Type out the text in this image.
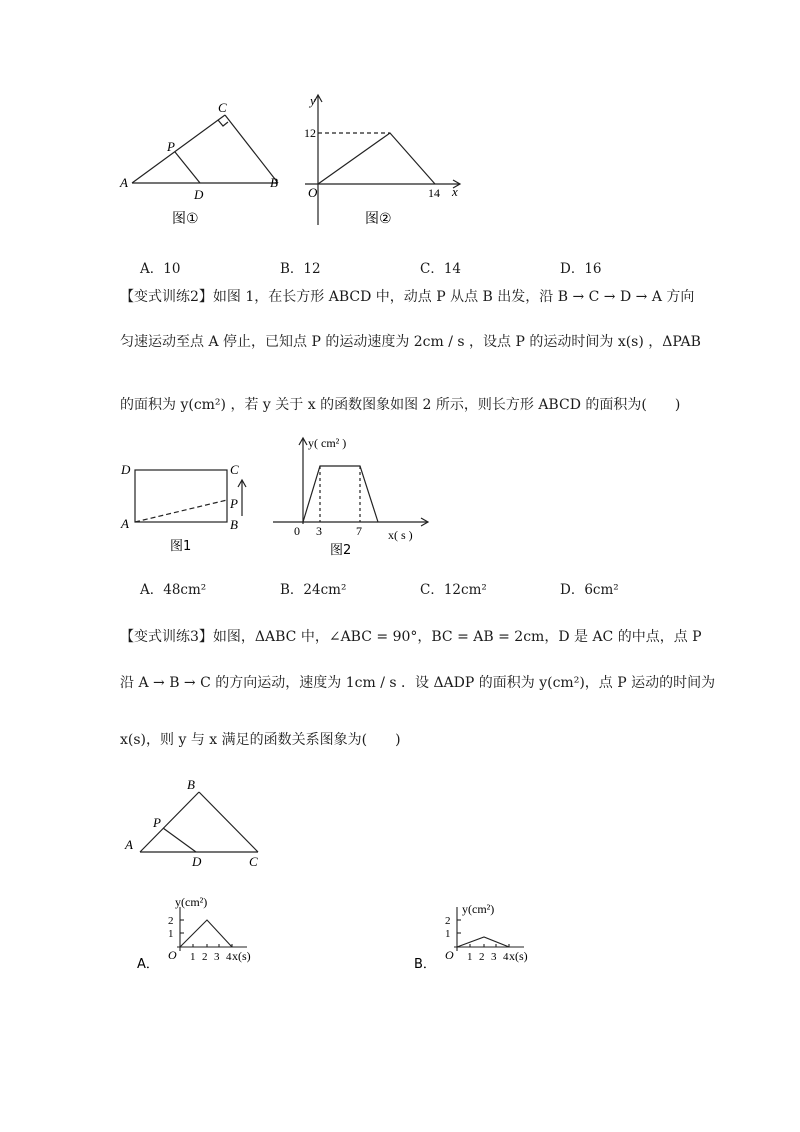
A	B
C
D
P
图①
y
x
O
12
14
图②
A．10	B．12	C．14	D．16
【变式训练2】如图 1，在长方形 ABCD 中，动点 P 从点 B 出发，沿 B → C → D → A 方向
匀速运动至点 A 停止，已知点 P 的运动速度为 2cm / s ，设点 P 的运动时间为 x(s) ，ΔPAB
的面积为 y(cm²) ，若 y 关于 x 的函数图象如图 2 所示，则长方形 ABCD 的面积为(　　)
D	C
A	B
P
图1
y( cm² )
x( s )
0 3	7
图2
A．48cm²	B．24cm²	C．12cm²	D．6cm²
【变式训练3】如图，ΔABC 中，∠ABC = 90°，BC = AB = 2cm，D 是 AC 的中点，点 P
沿 A → B → C 的方向运动，速度为 1cm / s ．设 ΔADP 的面积为 y(cm²)，点 P 运动的时间为
x(s)，则 y 与 x 满足的函数关系图象为(　　)
A
B
C
D
P
A．
y(cm²)
x(s)
O
2
1
1 2 3 4	B．
y(cm²)
x(s)
O
2
1
1 2 3 4
